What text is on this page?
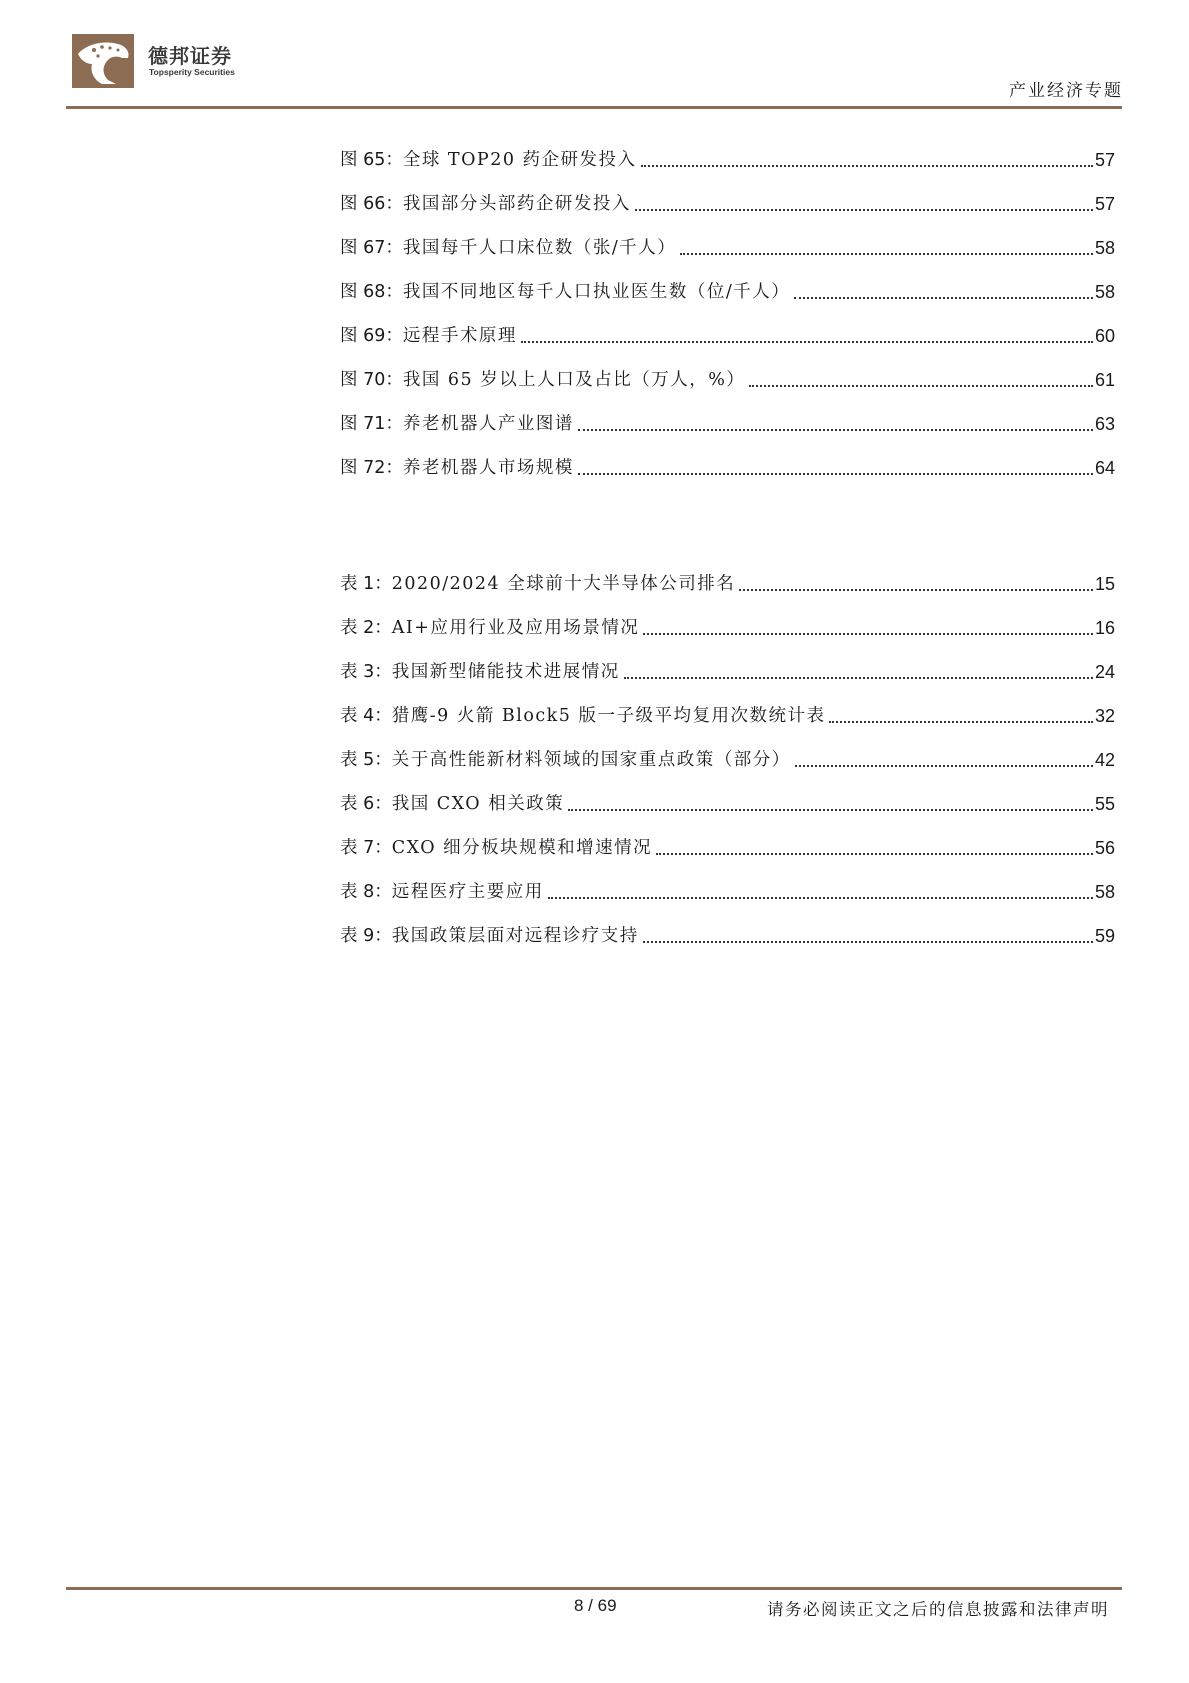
德邦证券
Topsperity Securities
产业经济专题
图 65： 全球 TOP20 药企研发投入	57
图 66： 我国部分头部药企研发投入	57
图 67： 我国每千人口床位数（张/千人）	58
图 68： 我国不同地区每千人口执业医生数（位/千人）	58
图 69： 远程手术原理	60
图 70： 我国 65 岁以上人口及占比（万人，%）	61
图 71： 养老机器人产业图谱	63
图 72： 养老机器人市场规模	64
表 1： 2020/2024 全球前十大半导体公司排名	15
表 2： AI+应用行业及应用场景情况	16
表 3： 我国新型储能技术进展情况	24
表 4： 猎鹰-9 火箭 Block5 版一子级平均复用次数统计表	32
表 5： 关于高性能新材料领域的国家重点政策（部分）	42
表 6： 我国 CXO 相关政策	55
表 7： CXO 细分板块规模和增速情况	56
表 8： 远程医疗主要应用	58
表 9： 我国政策层面对远程诊疗支持	59
8 / 69	请务必阅读正文之后的信息披露和法律声明
